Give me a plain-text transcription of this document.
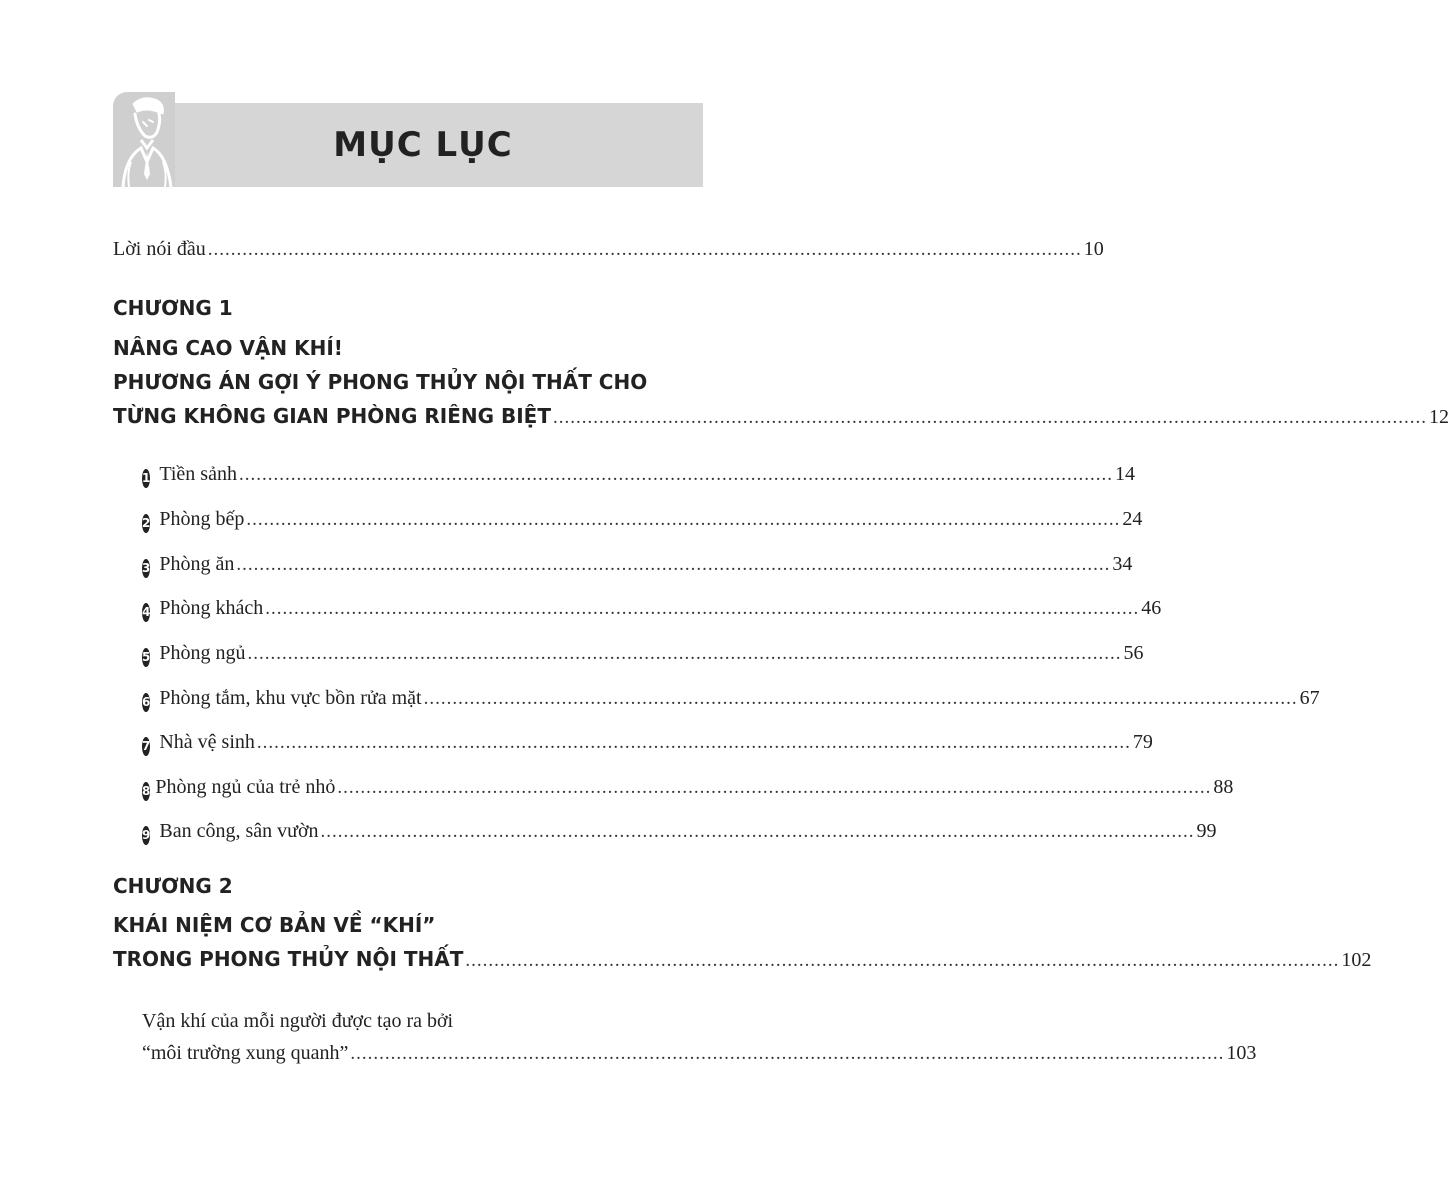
MỤC LỤC
Lời nói đầu ........................................................................................................................................................ 10
CHƯƠNG 1
NÂNG CAO VẬN KHÍ!
PHƯƠNG ÁN GỢI Ý PHONG THỦY NỘI THẤT CHO
TỪNG KHÔNG GIAN PHÒNG RIÊNG BIỆT ........................................................................................................................................................ 12
1 Tiền sảnh ........................................................................................................................................................ 14
2 Phòng bếp ........................................................................................................................................................ 24
3 Phòng ăn ........................................................................................................................................................ 34
4 Phòng khách ........................................................................................................................................................ 46
5 Phòng ngủ ........................................................................................................................................................ 56
6 Phòng tắm, khu vực bồn rửa mặt ........................................................................................................................................................ 67
7 Nhà vệ sinh ........................................................................................................................................................ 79
8 Phòng ngủ của trẻ nhỏ ........................................................................................................................................................ 88
9 Ban công, sân vườn ........................................................................................................................................................ 99
CHƯƠNG 2
KHÁI NIỆM CƠ BẢN VỀ “KHÍ”
TRONG PHONG THỦY NỘI THẤT ........................................................................................................................................................ 102
Vận khí của mỗi người được tạo ra bởi
“môi trường xung quanh” ........................................................................................................................................................ 103
